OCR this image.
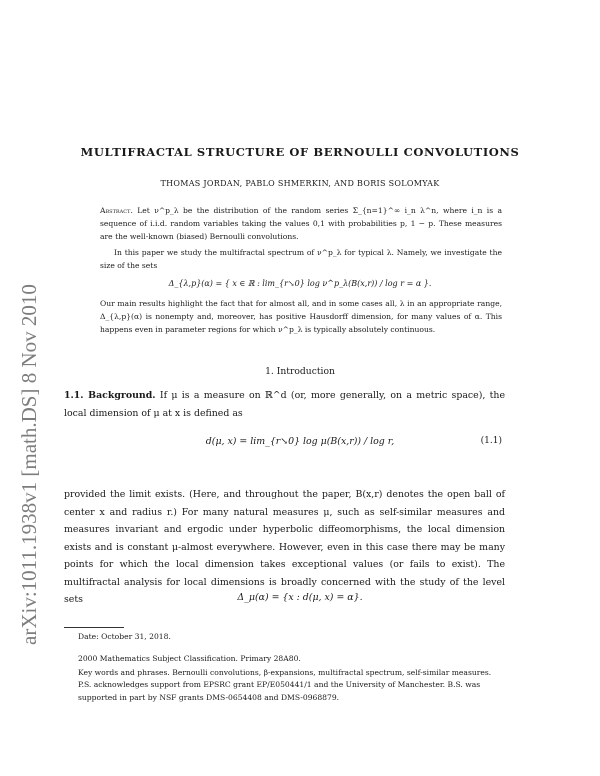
arXiv:1011.1938v1 [math.DS] 8 Nov 2010
MULTIFRACTAL STRUCTURE OF BERNOULLI CONVOLUTIONS
THOMAS JORDAN, PABLO SHMERKIN, AND BORIS SOLOMYAK
Abstract. Let ν^p_λ be the distribution of the random series Σ_{n=1}^∞ i_n λ^n, where i_n is a sequence of i.i.d. random variables taking the values 0,1 with probabilities p, 1 − p. These measures are the well-known (biased) Bernoulli convolutions.
In this paper we study the multifractal spectrum of ν^p_λ for typical λ. Namely, we investigate the size of the sets
Δ_{λ,p}(α) = { x ∈ ℝ : lim_{r↘0} log ν^p_λ(B(x,r)) / log r = α }.
Our main results highlight the fact that for almost all, and in some cases all, λ in an appropriate range, Δ_{λ,p}(α) is nonempty and, moreover, has positive Hausdorff dimension, for many values of α. This happens even in parameter regions for which ν^p_λ is typically absolutely continuous.
1. Introduction
1.1. Background. If μ is a measure on ℝ^d (or, more generally, on a metric space), the local dimension of μ at x is defined as
d(μ, x) = lim_{r↘0} log μ(B(x,r)) / log r,	(1.1)
provided the limit exists. (Here, and throughout the paper, B(x,r) denotes the open ball of center x and radius r.) For many natural measures μ, such as self-similar measures and measures invariant and ergodic under hyperbolic diffeomorphisms, the local dimension exists and is constant μ-almost everywhere. However, even in this case there may be many points for which the local dimension takes exceptional values (or fails to exist). The multifractal analysis for local dimensions is broadly concerned with the study of the level sets	Δ_μ(α) = {x : d(μ, x) = α}.
Date: October 31, 2018.
2000 Mathematics Subject Classification. Primary 28A80.
Key words and phrases. Bernoulli convolutions, β-expansions, multifractal spectrum, self-similar measures.
P.S. acknowledges support from EPSRC grant EP/E050441/1 and the University of Manchester. B.S. was supported in part by NSF grants DMS-0654408 and DMS-0968879.
